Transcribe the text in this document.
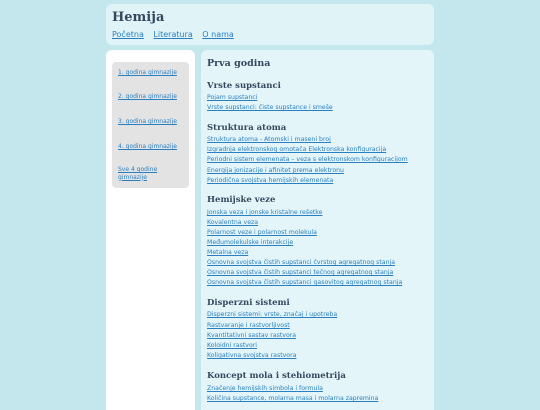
Hemija
Početna Literatura O nama
1. godina gimnazije
2. godina gimnazije
3. godina gimnazije
4. godina gimnazije
Sve 4 godine gimnazije
Prva godina
Vrste supstanci
Pojam supstanci
Vrste supstanci: čiste supstance i smeše
Struktura atoma
Struktura atoma - Atomski i maseni broj
Izgradnja elektronskog omotača Elektronska konfiguracija
Periodni sistem elemenata – veza s elektronskom konfiguracijom
Energija jonizacije i afinitet prema elektronu
Periodična svojstva hemijskih elemenata
Hemijske veze
Jonska veza i jonske kristalne rešetke
Kovalentna veza
Polarnost veze i polarnost molekula
Međumolekulske interakcije
Metalna veza
Osnovna svojstva čistih supstanci čvrstog agregatnog stanja
Osnovna svojstva čistih supstanci tečnog agregatnog stanja
Osnovna svojstva čistih supstanci gasovitog agregatnog stanja
Disperzni sistemi
Disperzni sistemi: vrste, značaj i upotreba
Rastvaranje i rastvorljivost
Kvantitativni sastav rastvora
Koloidni rastvori
Koligativna svojstva rastvora
Koncept mola i stehiometrija
Značenje hemijskih simbola i formula
Količina supstance, molarna masa i molarna zapremina
